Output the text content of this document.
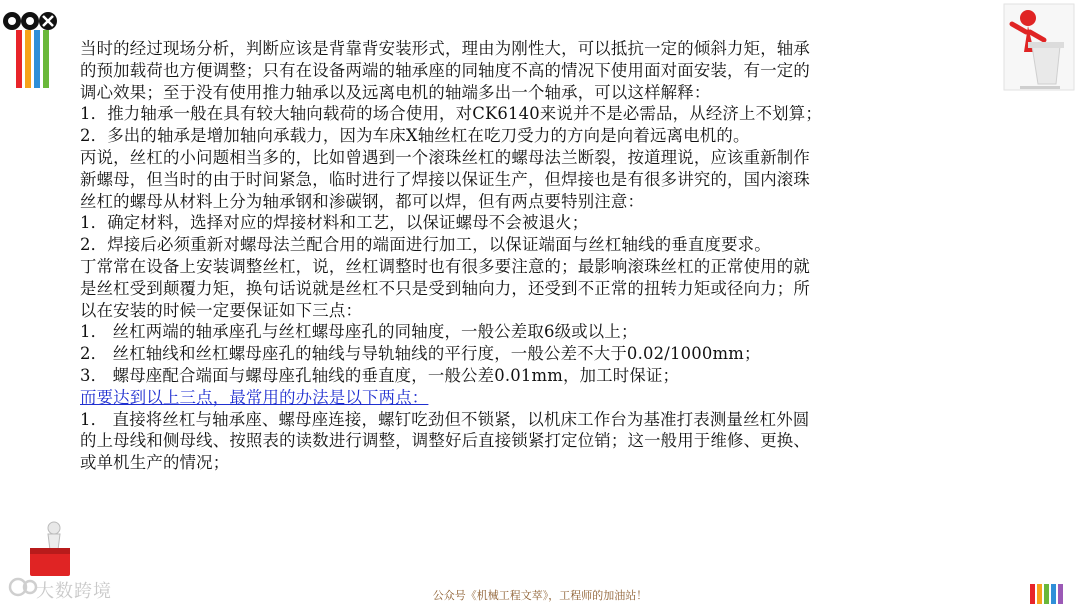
当时的经过现场分析，判断应该是背靠背安装形式，理由为刚性大，可以抵抗一定的倾斜力矩，轴承

的预加载荷也方便调整；只有在设备两端的轴承座的同轴度不高的情况下使用面对面安装，有一定的

调心效果；至于没有使用推力轴承以及远离电机的轴端多出一个轴承，可以这样解释：

1．推力轴承一般在具有较大轴向载荷的场合使用，对CK6140来说并不是必需品，从经济上不划算；

2．多出的轴承是增加轴向承载力，因为车床X轴丝杠在吃刀受力的方向是向着远离电机的。

丙说，丝杠的小问题相当多的，比如曾遇到一个滚珠丝杠的螺母法兰断裂，按道理说，应该重新制作

新螺母，但当时的由于时间紧急，临时进行了焊接以保证生产，但焊接也是有很多讲究的，国内滚珠

丝杠的螺母从材料上分为轴承钢和渗碳钢，都可以焊，但有两点要特别注意：

1．确定材料，选择对应的焊接材料和工艺，以保证螺母不会被退火；

2．焊接后必须重新对螺母法兰配合用的端面进行加工，以保证端面与丝杠轴线的垂直度要求。

丁常常在设备上安装调整丝杠，说，丝杠调整时也有很多要注意的；最影响滚珠丝杠的正常使用的就

是丝杠受到颠覆力矩，换句话说就是丝杠不只是受到轴向力，还受到不正常的扭转力矩或径向力；所

以在安装的时候一定要保证如下三点：

1． 丝杠两端的轴承座孔与丝杠螺母座孔的同轴度，一般公差取6级或以上；

2． 丝杠轴线和丝杠螺母座孔的轴线与导轨轴线的平行度，一般公差不大于0.02/1000mm；

3． 螺母座配合端面与螺母座孔轴线的垂直度，一般公差0.01mm，加工时保证；

而要达到以上三点，最常用的办法是以下两点：

1． 直接将丝杠与轴承座、螺母座连接，螺钉吃劲但不锁紧，以机床工作台为基准打表测量丝杠外圆

的上母线和侧母线、按照表的读数进行调整，调整好后直接锁紧打定位销；这一般用于维修、更换、

或单机生产的情况；

大数跨境	公众号《机械工程文萃》，工程师的加油站！
